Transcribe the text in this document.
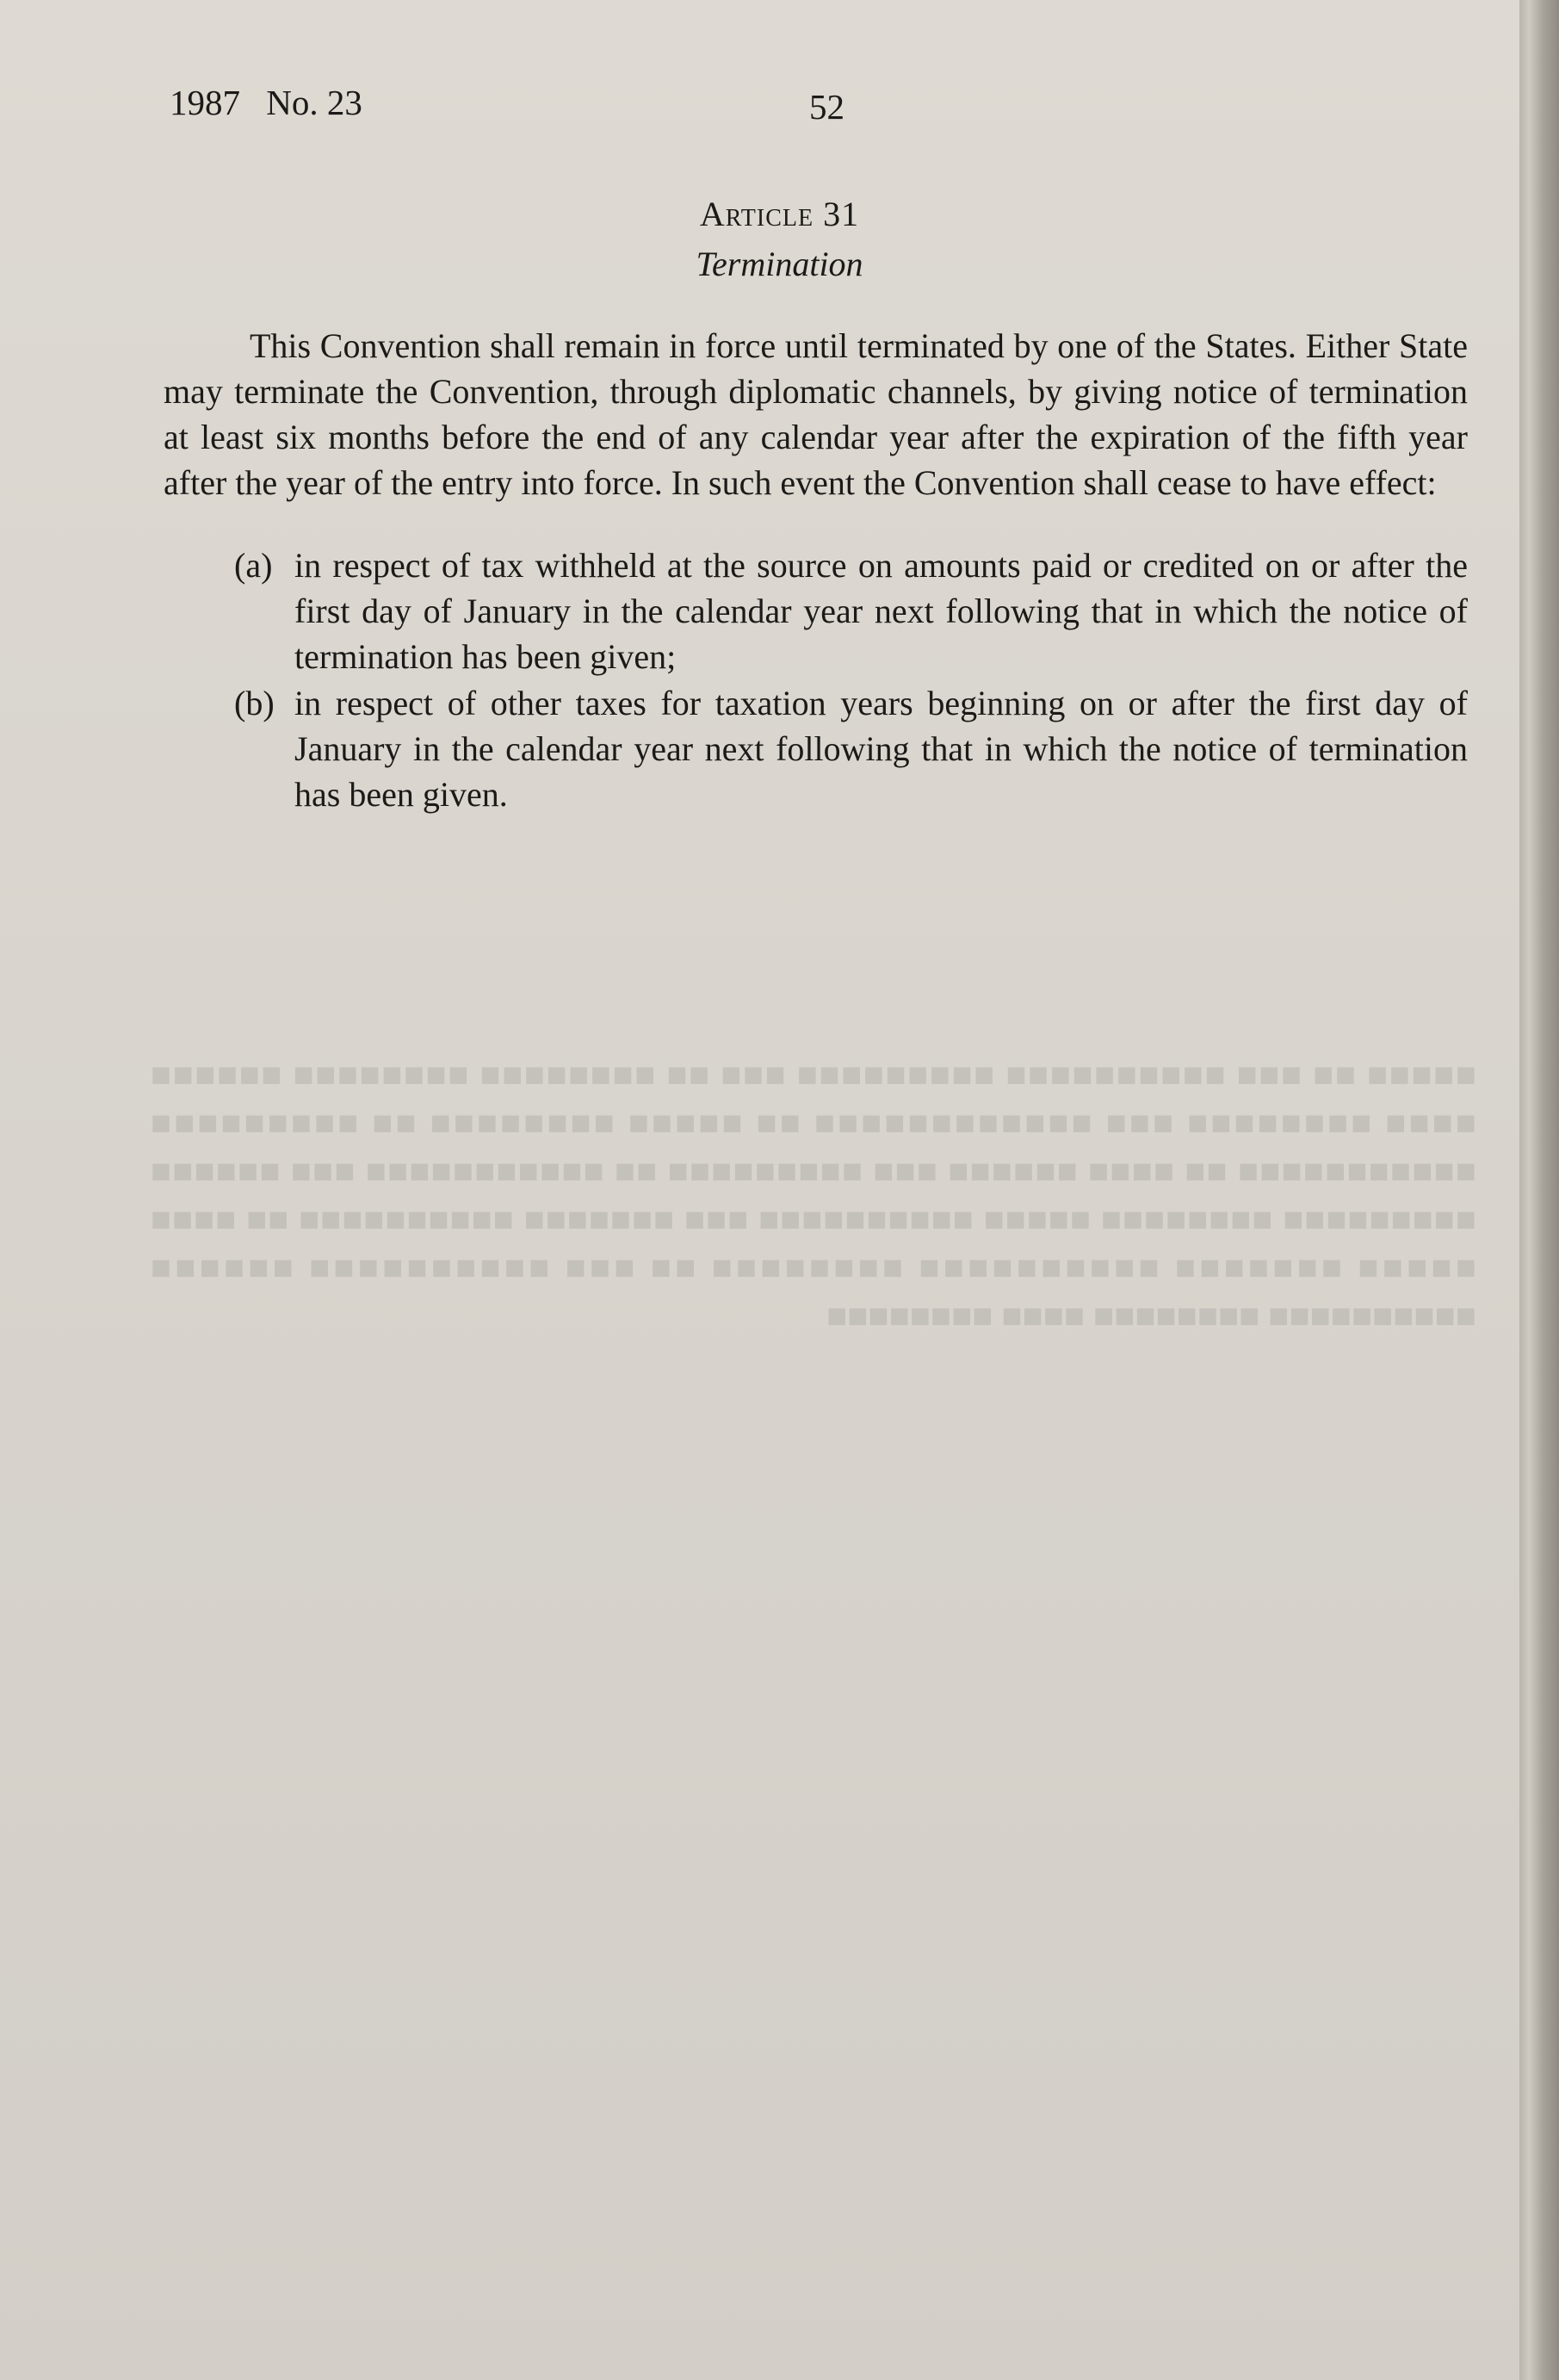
■■■■■ ■■ ■■■ ■■■■■■■■■■ ■■■■■■■■■ ■■■ ■■ ■■■■■■■■ ■■■■■■■■ ■■■■■■ ■■■■ ■■■■■■■■ ■■■ ■■■■■■■■■■■■ ■■ ■■■■■ ■■■■■■■■ ■■ ■■■■■■■■■ ■■■■■■■■■■■ ■■ ■■■■ ■■■■■■ ■■■ ■■■■■■■■■ ■■ ■■■■■■■■■■■ ■■■ ■■■■■■ ■■■■■■■■■ ■■■■■■■■ ■■■■■ ■■■■■■■■■■ ■■■ ■■■■■■■ ■■■■■■■■■■ ■■ ■■■■ ■■■■■ ■■■■■■■ ■■■■■■■■■■ ■■■■■■■■ ■■ ■■■ ■■■■■■■■■■ ■■■■■■ ■■■■■■■■■■ ■■■■■■■■ ■■■■ ■■■■■■■■
1987 No. 23	52
Article 31
Termination
This Convention shall remain in force until terminated by one of the States. Either State may terminate the Convention, through diplomatic channels, by giving notice of termination at least six months before the end of any calendar year after the expiration of the fifth year after the year of the entry into force. In such event the Convention shall cease to have effect:
(a) in respect of tax withheld at the source on amounts paid or credited on or after the first day of January in the calendar year next following that in which the notice of termination has been given;
(b) in respect of other taxes for taxation years beginning on or after the first day of January in the calendar year next following that in which the notice of termination has been given.
